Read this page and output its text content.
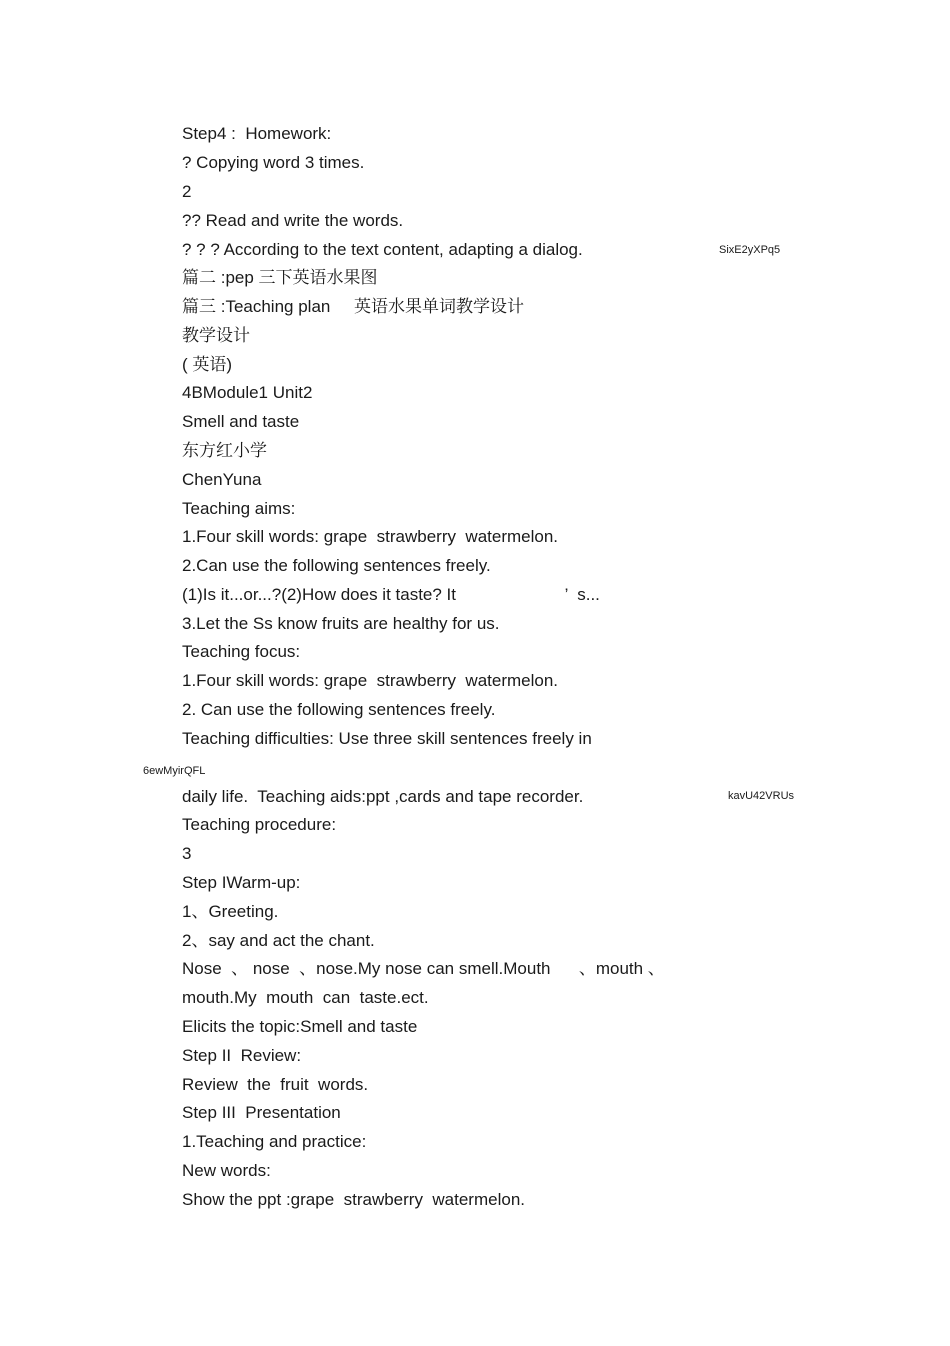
Step4 :  Homework:
? Copying word 3 times.
2
?? Read and write the words.
? ? ? According to the text content, adapting a dialog.
篇二 :pep 三下英语水果图
篇三 :Teaching plan     英语水果单词教学设计
教学设计
( 英语)
4BModule1 Unit2
Smell and taste
东方红小学
ChenYuna
Teaching aims:
1.Four skill words: grape  strawberry  watermelon.
2.Can use the following sentences freely.
(1)Is it...or...?(2)How does it taste? It                       ’  s...
3.Let the Ss know fruits are healthy for us.
Teaching focus:
1.Four skill words: grape  strawberry  watermelon.
2. Can use the following sentences freely.
Teaching difficulties: Use three skill sentences freely in
daily life.  Teaching aids:ppt ,cards and tape recorder.
Teaching procedure:
3
Step IWarm-up:
1、Greeting.
2、say and act the chant.
Nose  、 nose  、nose.My nose can smell.Mouth      、mouth 、
mouth.My  mouth  can  taste.ect.
Elicits the topic:Smell and taste
Step II  Review:
Review  the  fruit  words.
Step III  Presentation
1.Teaching and practice:
New words:
Show the ppt :grape  strawberry  watermelon.
SixE2yXPq5
6ewMyirQFL
kavU42VRUs
